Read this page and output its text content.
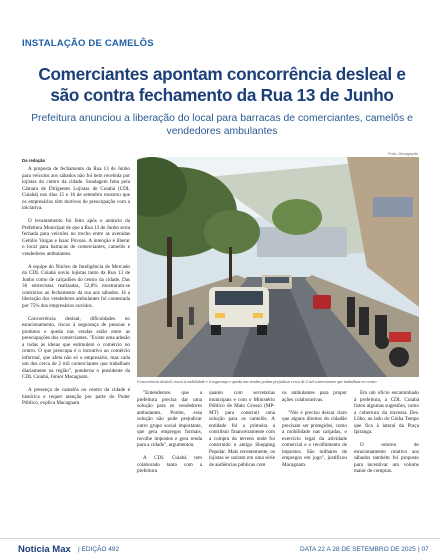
INSTALAÇÃO DE CAMELÔS
Comerciantes apontam concorrência desleal e são contra fechamento da Rua 13 de Junho
Prefeitura anunciou a liberação do local para barracas de comerciantes, camelôs e vendedores ambulantes
Foto: Divulgação
Da redação

A proposta de fechamento da Rua 13 de Junho para veículos aos sábados não foi bem recebida por lojistas do centro da cidade. Sondagem feita pela Câmara de Dirigentes Lojistas de Cuiabá (CDL Cuiabá) nos dias 15 e 16 de setembro mostrou que os empresários têm motivos de preocupação com a iniciativa.

O levantamento foi feito após o anúncio da Prefeitura Municipal de que a Rua 13 de Junho seria fechada para veículos no trecho entre as avenidas Getúlio Vargas e Isaac Póvoas. A intenção é liberar o local para barracas de comerciantes, camelôs e vendedores ambulantes.

A equipe do Núcleo de Inteligência de Mercado da CDL Cuiabá ouviu lojistas tanto da Rua 13 de Junho como de calçadões do centro da cidade. Das 36 entrevistas realizadas, 52,8% mostraram-se contrários ao fechamento da rua aos sábados. Já a liberação dos vendedores ambulantes foi contestada por 75% dos empresários ouvidos.

Concorrência desleal, dificuldades no estacionamento, riscos à segurança de pessoas e produtos e queda nas vendas estão entre as preocupações dos comerciantes. "Existe uma adesão a todas as ideias que estimulem o comércio no centro. O que preocupa é o incentivo ao comércio informal, que afeta não só o empresário, mas cada um dos cerca de 2 mil comerciantes que trabalham diariamente na região", ponderou o presidente da CDL Cuiabá, Júnior Macagnam.

A presença de camelôs no centro da cidade é histórica e requer atenção por parte do Poder Público, explica Macagnam.

Concorrência desleal, riscos à mobilidade e à segurança e queda nas vendas podem prejudicar cerca de 2 mil comerciantes que trabalham no centro

"Entendemos que a prefeitura precisa dar uma solução para os vendedores ambulantes. Porém, essa solução não pode prejudicar outro grupo social importante, que gera empregos formais, recolhe impostos e gera renda para a cidade", argumentou.

A CDL Cuiabá tem colaborado tanto com a prefeitura

quanto com secretarias municipais e com o Ministério Público de Mato Grosso (MP-MT) para construir uma solução para os camelôs. A entidade foi a primeira a contribuir financeiramente com a compra do terreno onde foi construído o antigo Shopping Popular. Mais recentemente, os lojistas se uniram em uma série de audiências públicas com

os ambulantes para propor ações colaborativas.

"Nós é preciso deixar claro que alguns direitos do cidadão precisam ser protegidos, como a mobilidade nas calçadas, o exercício legal da atividade comercial e o recolhimento de impostos. São milhares de empregos em jogo", justificou Macagnam.

Em um ofício encaminhado à prefeitura, a CDL Cuiabá listou algumas sugestões, como a cobertura da travessa Des. Lôbo, ao lado do Ginha Tempo que fica à lateral da Praça Ipiranga.

O retorno do estacionamento rotativo aos sábados também foi proposto para incentivar um volume maior de compras.

Notícia Max | EDIÇÃO 492	DATA 22 A 28 DE SETEMBRO DE 2025 | 07
